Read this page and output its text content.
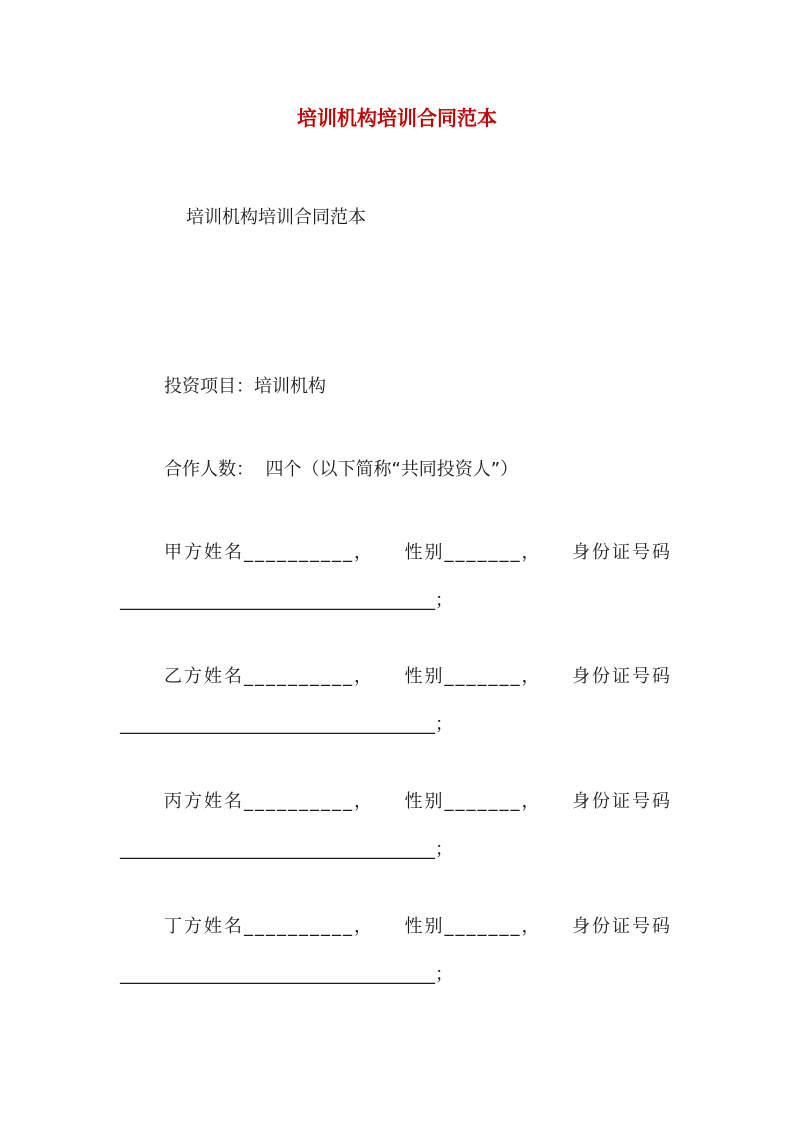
培训机构培训合同范本

培训机构培训合同范本

投资项目：培训机构

合作人数：  四个（以下简称“共同投资人”）

甲方姓名__________， 性别_______， 身份证号码
___________________________________；
乙方姓名__________， 性别_______， 身份证号码
___________________________________；
丙方姓名__________， 性别_______， 身份证号码
___________________________________；
丁方姓名__________， 性别_______， 身份证号码
___________________________________；
